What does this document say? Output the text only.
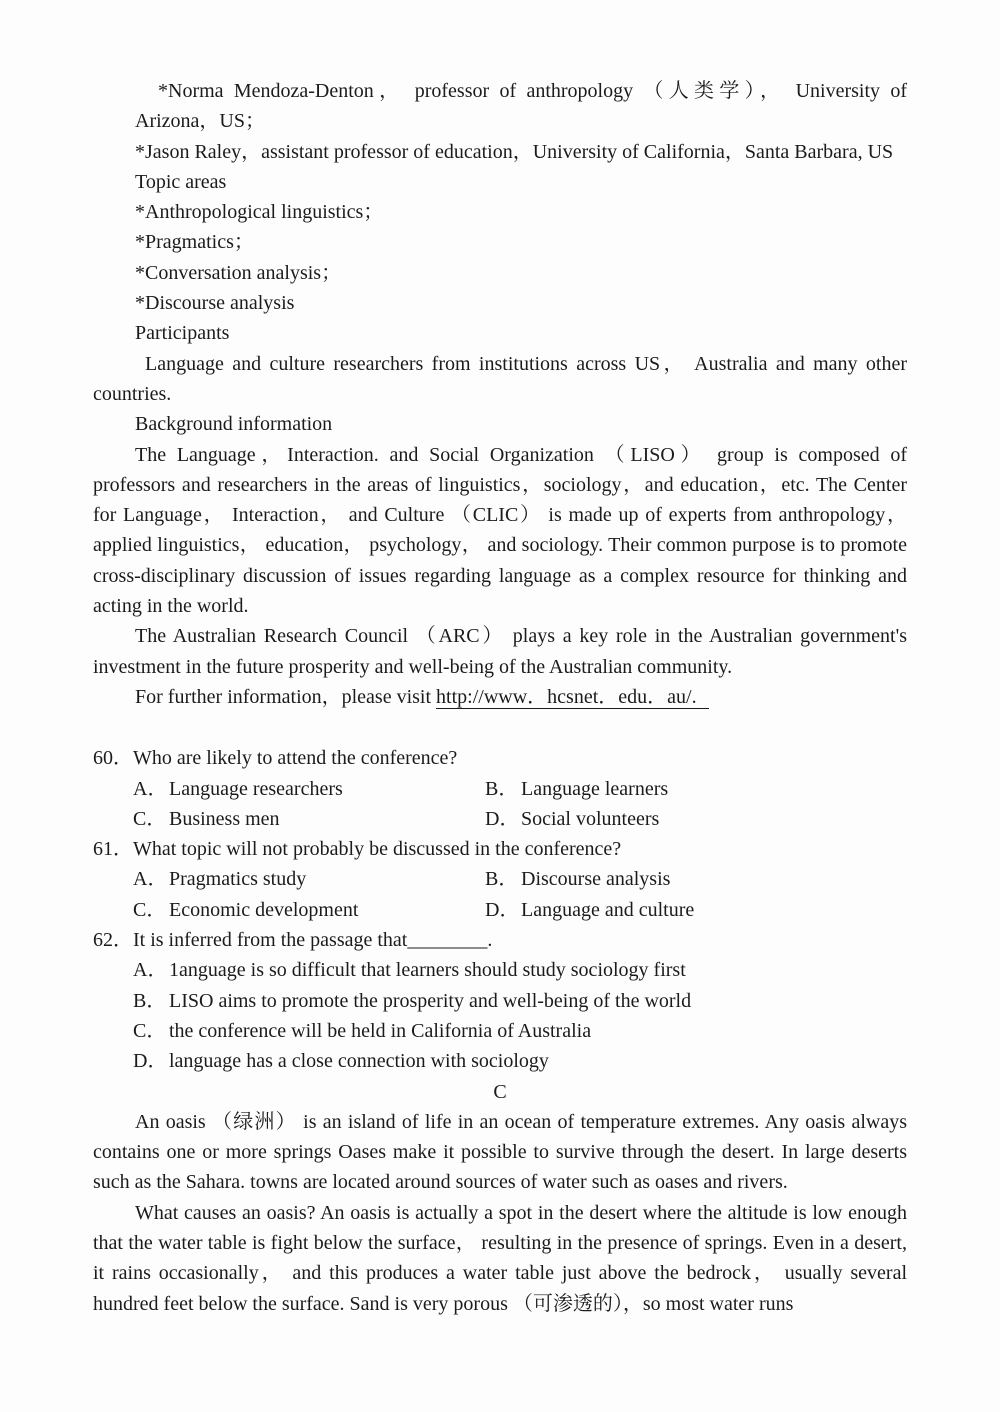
*Norma Mendoza-Denton， professor of anthropology （人类学）， University of Arizona，US；

*Jason Raley，assistant professor of education，University of California，Santa Barbara, US

Topic areas

*Anthropological linguistics；

*Pragmatics；

*Conversation analysis；

*Discourse analysis

Participants

Language and culture researchers from institutions across US， Australia and many other countries.

Background information

The Language，Interaction. and Social Organization （LISO） group is composed of professors and researchers in the areas of linguistics，sociology，and education，etc. The Center for Language， Interaction， and Culture （CLIC） is made up of experts from anthropology， applied linguistics， education， psychology， and sociology. Their common purpose is to promote cross-disciplinary discussion of issues regarding language as a complex resource for thinking and acting in the world.

The Australian Research Council （ARC） plays a key role in the Australian government's investment in the future prosperity and well-being of the Australian community.

For further information，please visit http://www．hcsnet．edu．au/.

60． Who are likely to attend the conference?
A．Language researchers	B． Language learners
C． Business men	D．Social volunteers
61． What topic will not probably be discussed in the conference?
A．Pragmatics study	B． Discourse analysis
C． Economic development	D．Language and culture
62． It is inferred from the passage that________.
A．1anguage is so difficult that learners should study sociology first
B． LISO aims to promote the prosperity and well-being of the world
C． the conference will be held in California of Australia
D．language has a close connection with sociology
C

An oasis （绿洲） is an island of life in an ocean of temperature extremes. Any oasis always contains one or more springs Oases make it possible to survive through the desert. In large deserts such as the Sahara. towns are located around sources of water such as oases and rivers.

What causes an oasis? An oasis is actually a spot in the desert where the altitude is low enough that the water table is fight below the surface， resulting in the presence of springs. Even in a desert, it rains occasionally， and this produces a water table just above the bedrock， usually several hundred feet below the surface. Sand is very porous （可渗透的），so most water runs
